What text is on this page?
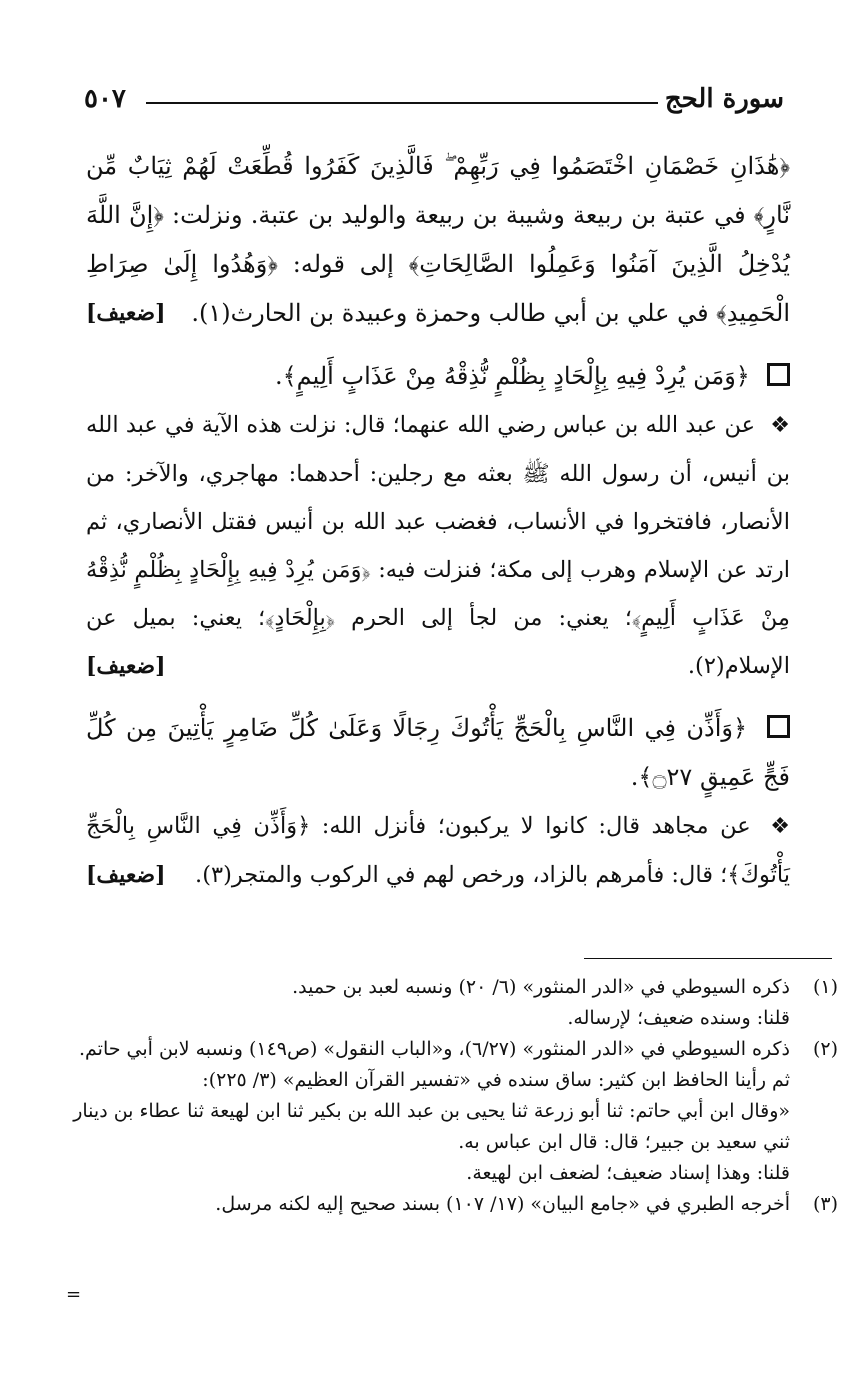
سورة الحج
٥٠٧

﴿هَٰذَانِ خَصْمَانِ اخْتَصَمُوا فِي رَبِّهِمْ ۖ فَالَّذِينَ كَفَرُوا قُطِّعَتْ لَهُمْ ثِيَابٌ مِّن نَّارٍ﴾ في عتبة بن ربيعة وشيبة بن ربيعة والوليد بن عتبة. ونزلت: ﴿إِنَّ اللَّهَ يُدْخِلُ الَّذِينَ آمَنُوا وَعَمِلُوا الصَّالِحَاتِ﴾ إلى قوله: ﴿وَهُدُوا إِلَىٰ صِرَاطِ الْحَمِيدِ﴾ في علي بن أبي طالب وحمزة وعبيدة بن الحارث(١).
[ضعيف]

﴿وَمَن يُرِدْ فِيهِ بِإِلْحَادٍ بِظُلْمٍ نُّذِقْهُ مِنْ عَذَابٍ أَلِيمٍ﴾.

❖ عن عبد الله بن عباس رضي الله عنهما؛ قال: نزلت هذه الآية في عبد الله بن أنيس، أن رسول الله ﷺ بعثه مع رجلين: أحدهما: مهاجري، والآخر: من الأنصار، فافتخروا في الأنساب، فغضب عبد الله بن أنيس فقتل الأنصاري، ثم ارتد عن الإسلام وهرب إلى مكة؛ فنزلت فيه: ﴿وَمَن يُرِدْ فِيهِ بِإِلْحَادٍ بِظُلْمٍ نُّذِقْهُ مِنْ عَذَابٍ أَلِيمٍ﴾؛ يعني: من لجأ إلى الحرم ﴿بِإِلْحَادٍ﴾؛ يعني: بميل عن الإسلام(٢).
[ضعيف]

﴿وَأَذِّن فِي النَّاسِ بِالْحَجِّ يَأْتُوكَ رِجَالًا وَعَلَىٰ كُلِّ ضَامِرٍ يَأْتِينَ مِن كُلِّ فَجٍّ عَمِيقٍ ۝٢٧﴾.

❖ عن مجاهد قال: كانوا لا يركبون؛ فأنزل الله: ﴿وَأَذِّن فِي النَّاسِ بِالْحَجِّ يَأْتُوكَ﴾؛ قال: فأمرهم بالزاد، ورخص لهم في الركوب والمتجر(٣).
[ضعيف]

(١)
ذكره السيوطي في «الدر المنثور» (٦/ ٢٠) ونسبه لعبد بن حميد.
قلنا: وسنده ضعيف؛ لإرساله.
(٢)
ذكره السيوطي في «الدر المنثور» (٦/٢٧)، و«الباب النقول» (ص١٤٩) ونسبه لابن أبي حاتم.
ثم رأينا الحافظ ابن كثير: ساق سنده في «تفسير القرآن العظيم» (٣/ ٢٢٥):
«وقال ابن أبي حاتم: ثنا أبو زرعة ثنا يحيى بن عبد الله بن بكير ثنا ابن لهيعة ثنا عطاء بن دينار ثني سعيد بن جبير؛ قال: قال ابن عباس به.
قلنا: وهذا إسناد ضعيف؛ لضعف ابن لهيعة.
(٣)
أخرجه الطبري في «جامع البيان» (١٧/ ١٠٧) بسند صحيح إليه لكنه مرسل.
=
